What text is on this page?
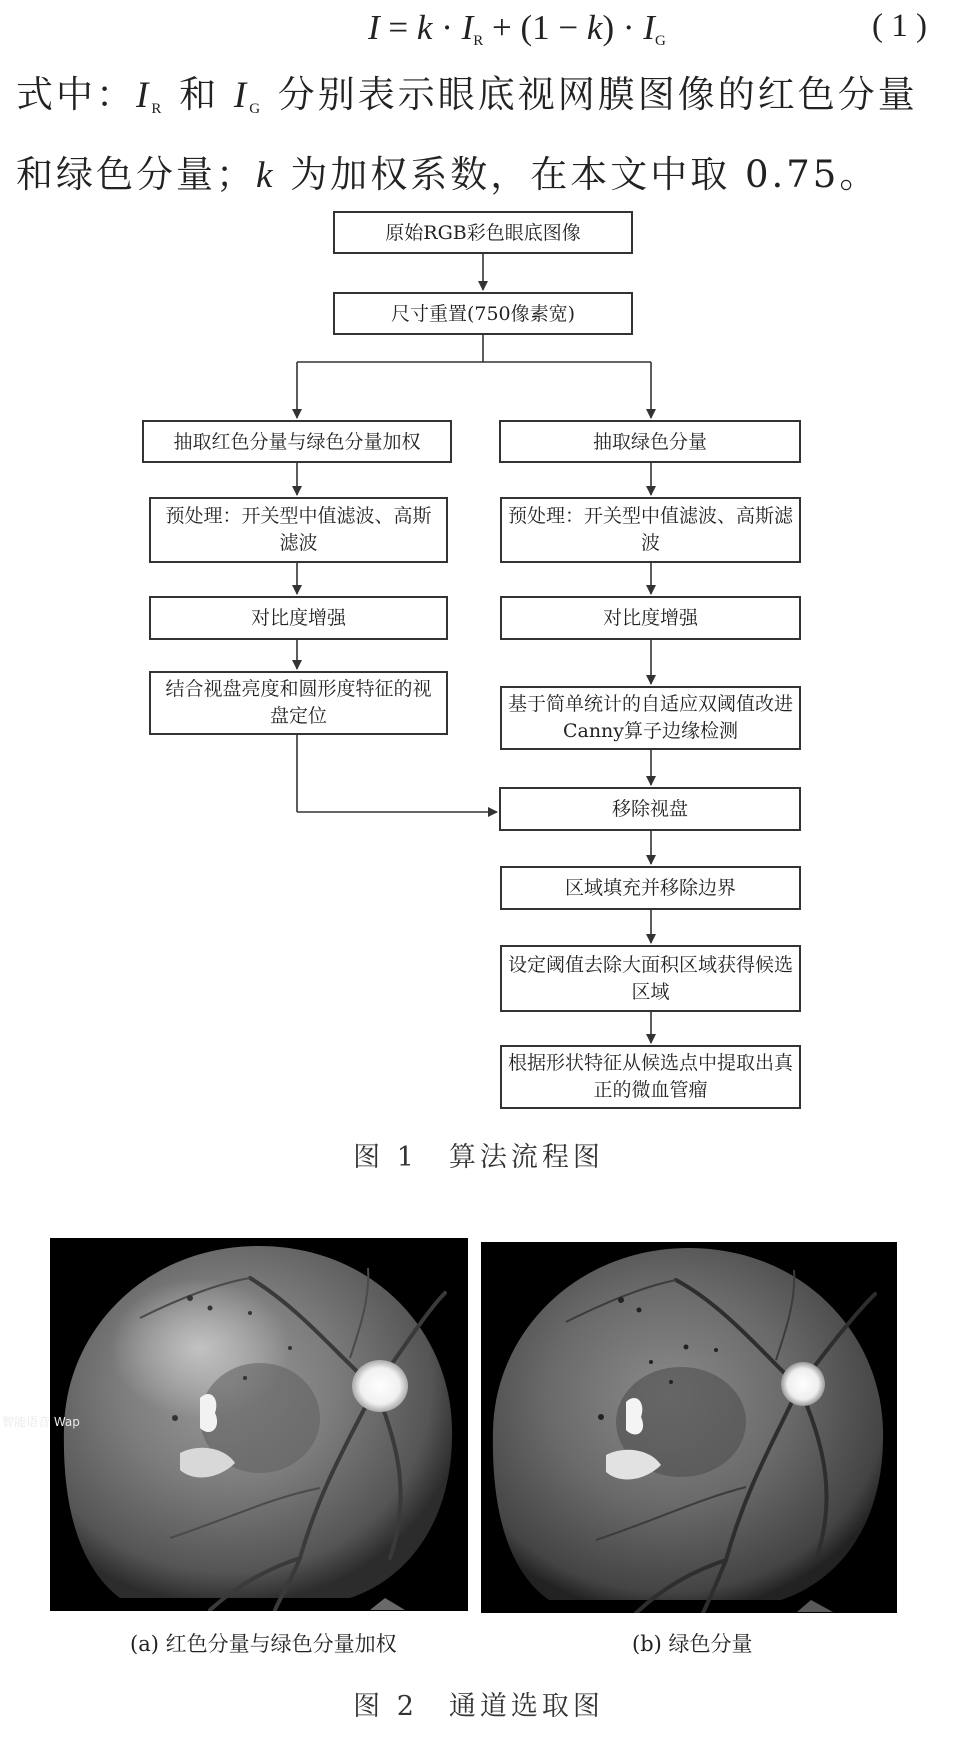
$I = k \cdot I_R + (1 - k) \cdot I_G$	( 1 )
式中：$I_R$ 和 $I_G$ 分别表示眼底视网膜图像的红色分量和绿色分量；k 为加权系数，在本文中取 0.75。
原始RGB彩色眼底图像
尺寸重置(750像素宽)
抽取红色分量与绿色分量加权
预处理：开关型中值滤波、高斯滤波
对比度增强
结合视盘亮度和圆形度特征的视盘定位
抽取绿色分量
预处理：开关型中值滤波、高斯滤波
对比度增强
基于简单统计的自适应双阈值改进Canny算子边缘检测
移除视盘
区域填充并移除边界
设定阈值去除大面积区域获得候选区域
根据形状特征从候选点中提取出真正的微血管瘤
图 1　算法流程图
智能语音 Wap
(a) 红色分量与绿色分量加权	(b) 绿色分量
图 2　通道选取图
